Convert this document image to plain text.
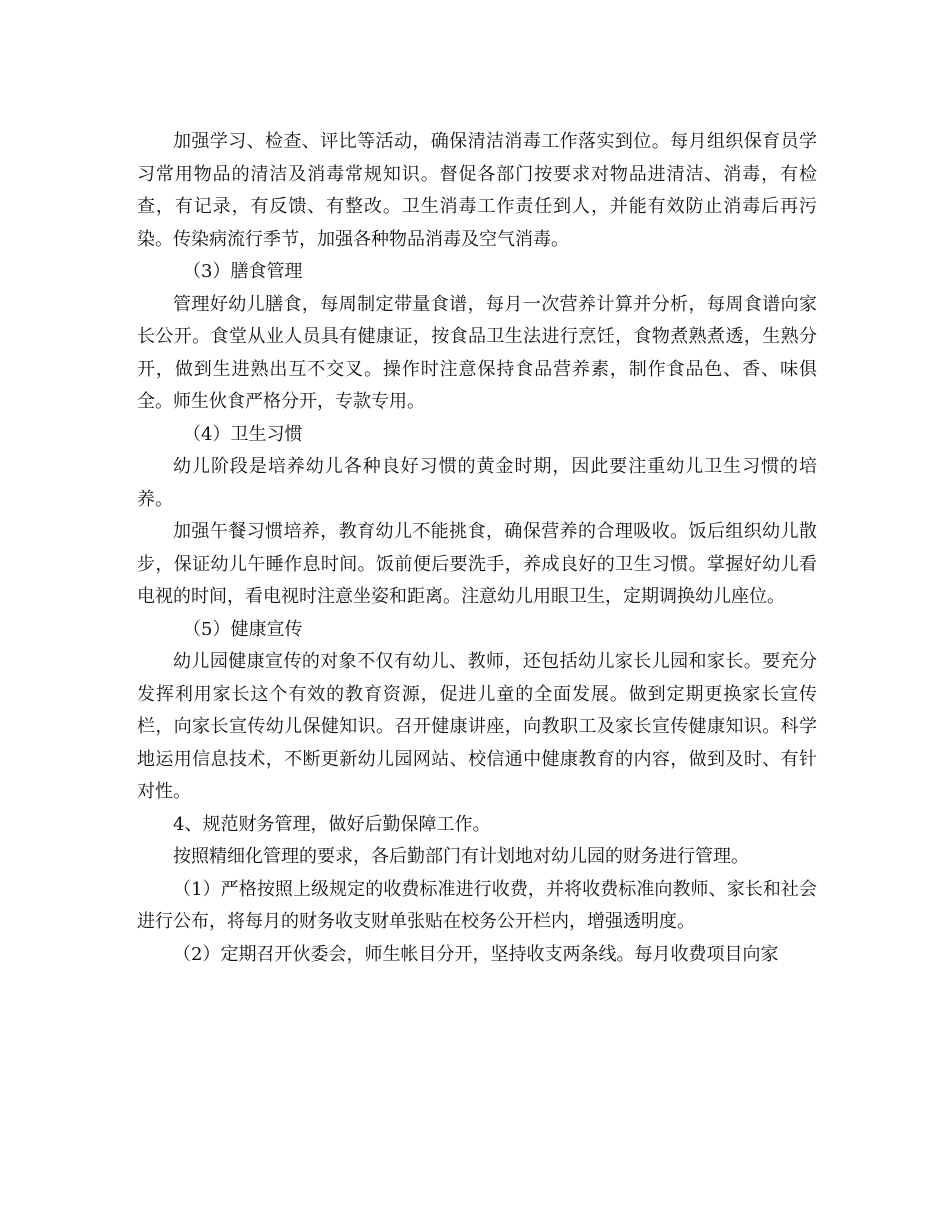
加强学习、检查、评比等活动，确保清洁消毒工作落实到位。每月组织保育员学习常用物品的清洁及消毒常规知识。督促各部门按要求对物品进清洁、消毒，有检查，有记录，有反馈、有整改。卫生消毒工作责任到人，并能有效防止消毒后再污染。传染病流行季节，加强各种物品消毒及空气消毒。

（3）膳食管理

管理好幼儿膳食，每周制定带量食谱，每月一次营养计算并分析，每周食谱向家长公开。食堂从业人员具有健康证，按食品卫生法进行烹饪，食物煮熟煮透，生熟分开，做到生进熟出互不交叉。操作时注意保持食品营养素，制作食品色、香、味俱全。师生伙食严格分开，专款专用。

（4）卫生习惯

幼儿阶段是培养幼儿各种良好习惯的黄金时期，因此要注重幼儿卫生习惯的培养。

加强午餐习惯培养，教育幼儿不能挑食，确保营养的合理吸收。饭后组织幼儿散步，保证幼儿午睡作息时间。饭前便后要洗手，养成良好的卫生习惯。掌握好幼儿看电视的时间，看电视时注意坐姿和距离。注意幼儿用眼卫生，定期调换幼儿座位。

（5）健康宣传

幼儿园健康宣传的对象不仅有幼儿、教师，还包括幼儿家长儿园和家长。要充分发挥利用家长这个有效的教育资源，促进儿童的全面发展。做到定期更换家长宣传栏，向家长宣传幼儿保健知识。召开健康讲座，向教职工及家长宣传健康知识。科学地运用信息技术，不断更新幼儿园网站、校信通中健康教育的内容，做到及时、有针对性。

4、规范财务管理，做好后勤保障工作。

按照精细化管理的要求，各后勤部门有计划地对幼儿园的财务进行管理。

（1）严格按照上级规定的收费标准进行收费，并将收费标准向教师、家长和社会进行公布，将每月的财务收支财单张贴在校务公开栏内，增强透明度。

（2）定期召开伙委会，师生帐目分开，坚持收支两条线。每月收费项目向家
